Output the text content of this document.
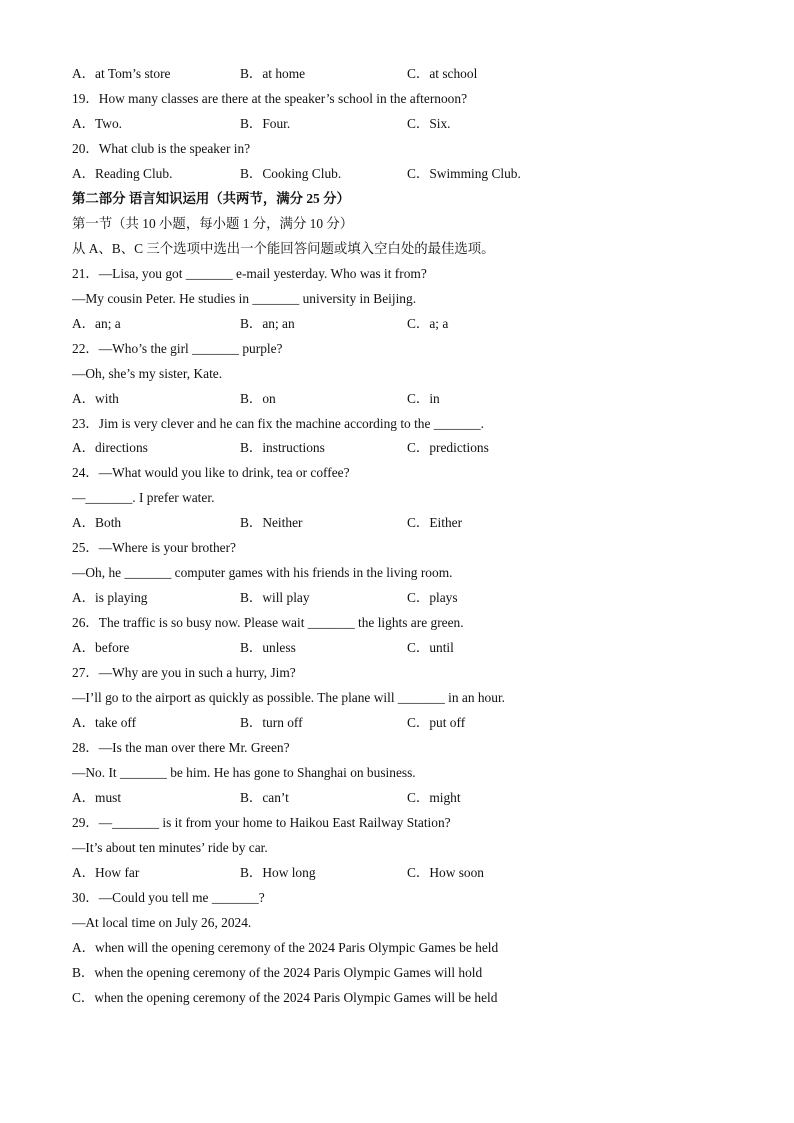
A．at Tom’s store	B．at home	C．at school
19．How many classes are there at the speaker’s school in the afternoon?
A．Two.	B．Four.	C．Six.
20．What club is the speaker in?
A．Reading Club.	B．Cooking Club.	C．Swimming Club.
第二部分 语言知识运用（共两节，满分 25 分）
第一节（共 10 小题，每小题 1 分，满分 10 分）
从 A、B、C 三个选项中选出一个能回答问题或填入空白处的最佳选项。
21．—Lisa, you got _______ e-mail yesterday. Who was it from?
—My cousin Peter. He studies in _______ university in Beijing.
A．an; a	B．an; an	C．a; a
22．—Who’s the girl _______ purple?
—Oh, she’s my sister, Kate.
A．with	B．on	C．in
23．Jim is very clever and he can fix the machine according to the _______.
A．directions	B．instructions	C．predictions
24．—What would you like to drink, tea or coffee?
—_______. I prefer water.
A．Both	B．Neither	C．Either
25．—Where is your brother?
—Oh, he _______ computer games with his friends in the living room.
A．is playing	B．will play	C．plays
26．The traffic is so busy now. Please wait _______ the lights are green.
A．before	B．unless	C．until
27．—Why are you in such a hurry, Jim?
—I’ll go to the airport as quickly as possible. The plane will _______ in an hour.
A．take off	B．turn off	C．put off
28．—Is the man over there Mr. Green?
—No. It _______ be him. He has gone to Shanghai on business.
A．must	B．can’t	C．might
29．—_______ is it from your home to Haikou East Railway Station?
—It’s about ten minutes’ ride by car.
A．How far	B．How long	C．How soon
30．—Could you tell me _______?
—At local time on July 26, 2024.
A．when will the opening ceremony of the 2024 Paris Olympic Games be held
B．when the opening ceremony of the 2024 Paris Olympic Games will hold
C．when the opening ceremony of the 2024 Paris Olympic Games will be held
